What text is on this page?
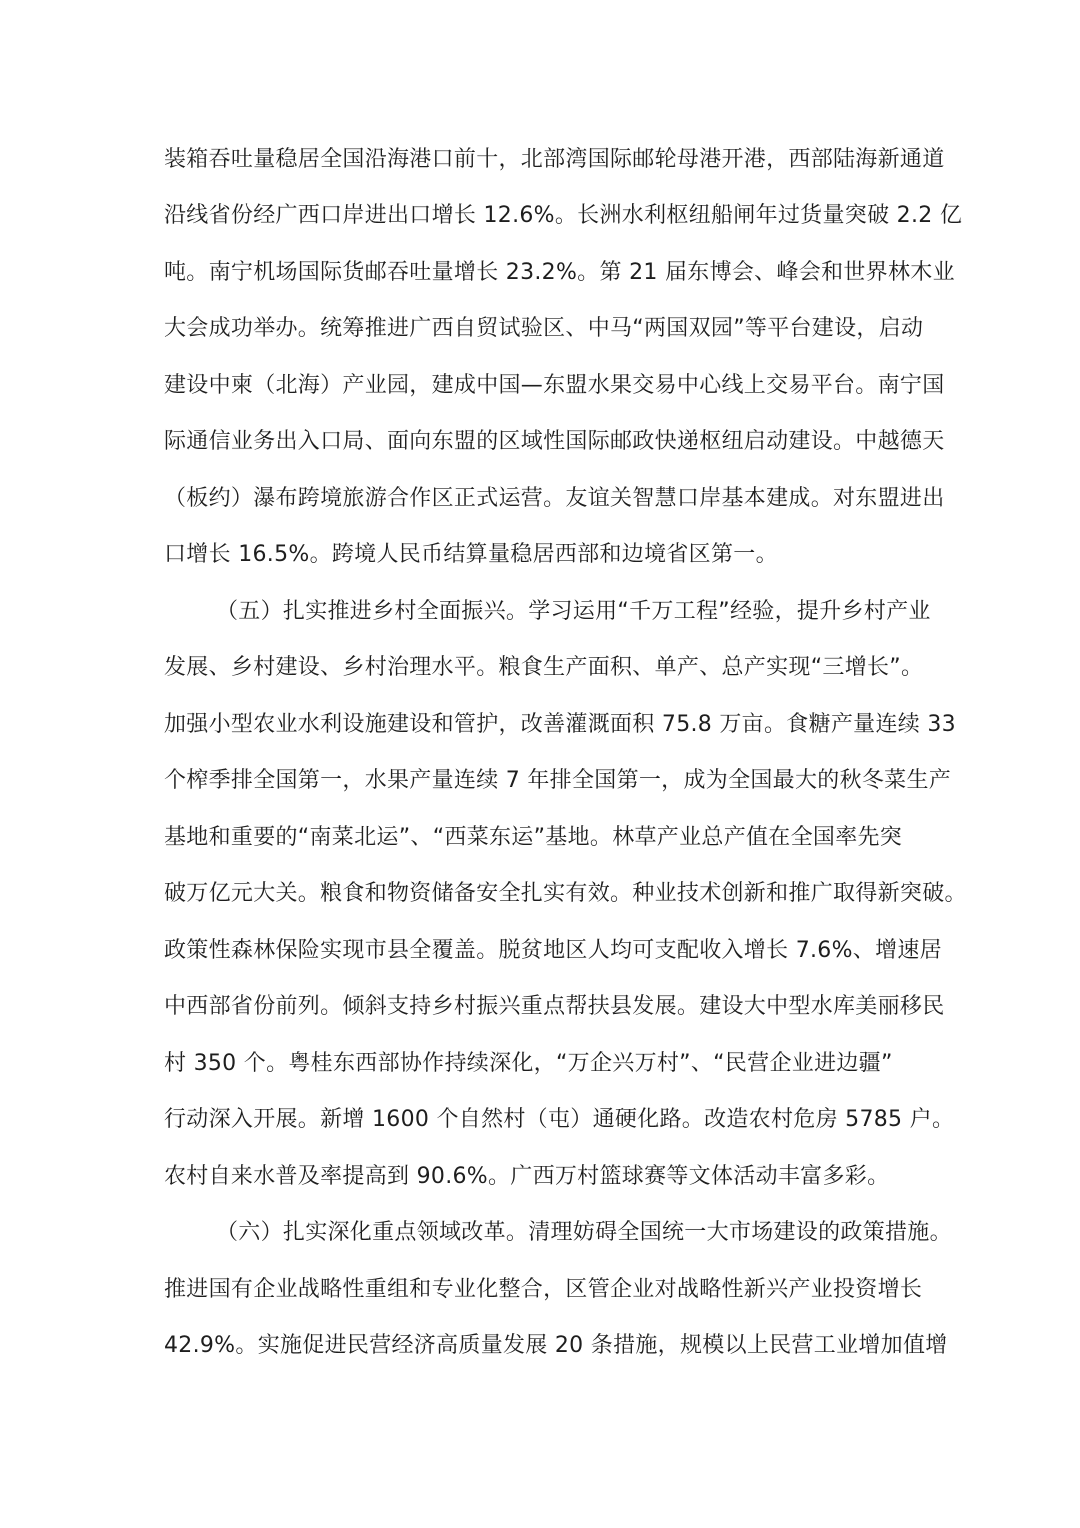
装箱吞吐量稳居全国沿海港口前十，北部湾国际邮轮母港开港，西部陆海新通道
沿线省份经广西口岸进出口增长 12.6%。长洲水利枢纽船闸年过货量突破 2.2 亿
吨。南宁机场国际货邮吞吐量增长 23.2%。第 21 届东博会、峰会和世界林木业
大会成功举办。统筹推进广西自贸试验区、中马“两国双园”等平台建设，启动
建设中柬（北海）产业园，建成中国—东盟水果交易中心线上交易平台。南宁国
际通信业务出入口局、面向东盟的区域性国际邮政快递枢纽启动建设。中越德天
（板约）瀑布跨境旅游合作区正式运营。友谊关智慧口岸基本建成。对东盟进出
口增长 16.5%。跨境人民币结算量稳居西部和边境省区第一。
（五）扎实推进乡村全面振兴。学习运用“千万工程”经验，提升乡村产业
发展、乡村建设、乡村治理水平。粮食生产面积、单产、总产实现“三增长”。
加强小型农业水利设施建设和管护，改善灌溉面积 75.8 万亩。食糖产量连续 33
个榨季排全国第一，水果产量连续 7 年排全国第一，成为全国最大的秋冬菜生产
基地和重要的“南菜北运”、“西菜东运”基地。林草产业总产值在全国率先突
破万亿元大关。粮食和物资储备安全扎实有效。种业技术创新和推广取得新突破。
政策性森林保险实现市县全覆盖。脱贫地区人均可支配收入增长 7.6%、增速居
中西部省份前列。倾斜支持乡村振兴重点帮扶县发展。建设大中型水库美丽移民
村 350 个。粤桂东西部协作持续深化，“万企兴万村”、“民营企业进边疆”
行动深入开展。新增 1600 个自然村（屯）通硬化路。改造农村危房 5785 户。
农村自来水普及率提高到 90.6%。广西万村篮球赛等文体活动丰富多彩。
（六）扎实深化重点领域改革。清理妨碍全国统一大市场建设的政策措施。
推进国有企业战略性重组和专业化整合，区管企业对战略性新兴产业投资增长
42.9%。实施促进民营经济高质量发展 20 条措施，规模以上民营工业增加值增
